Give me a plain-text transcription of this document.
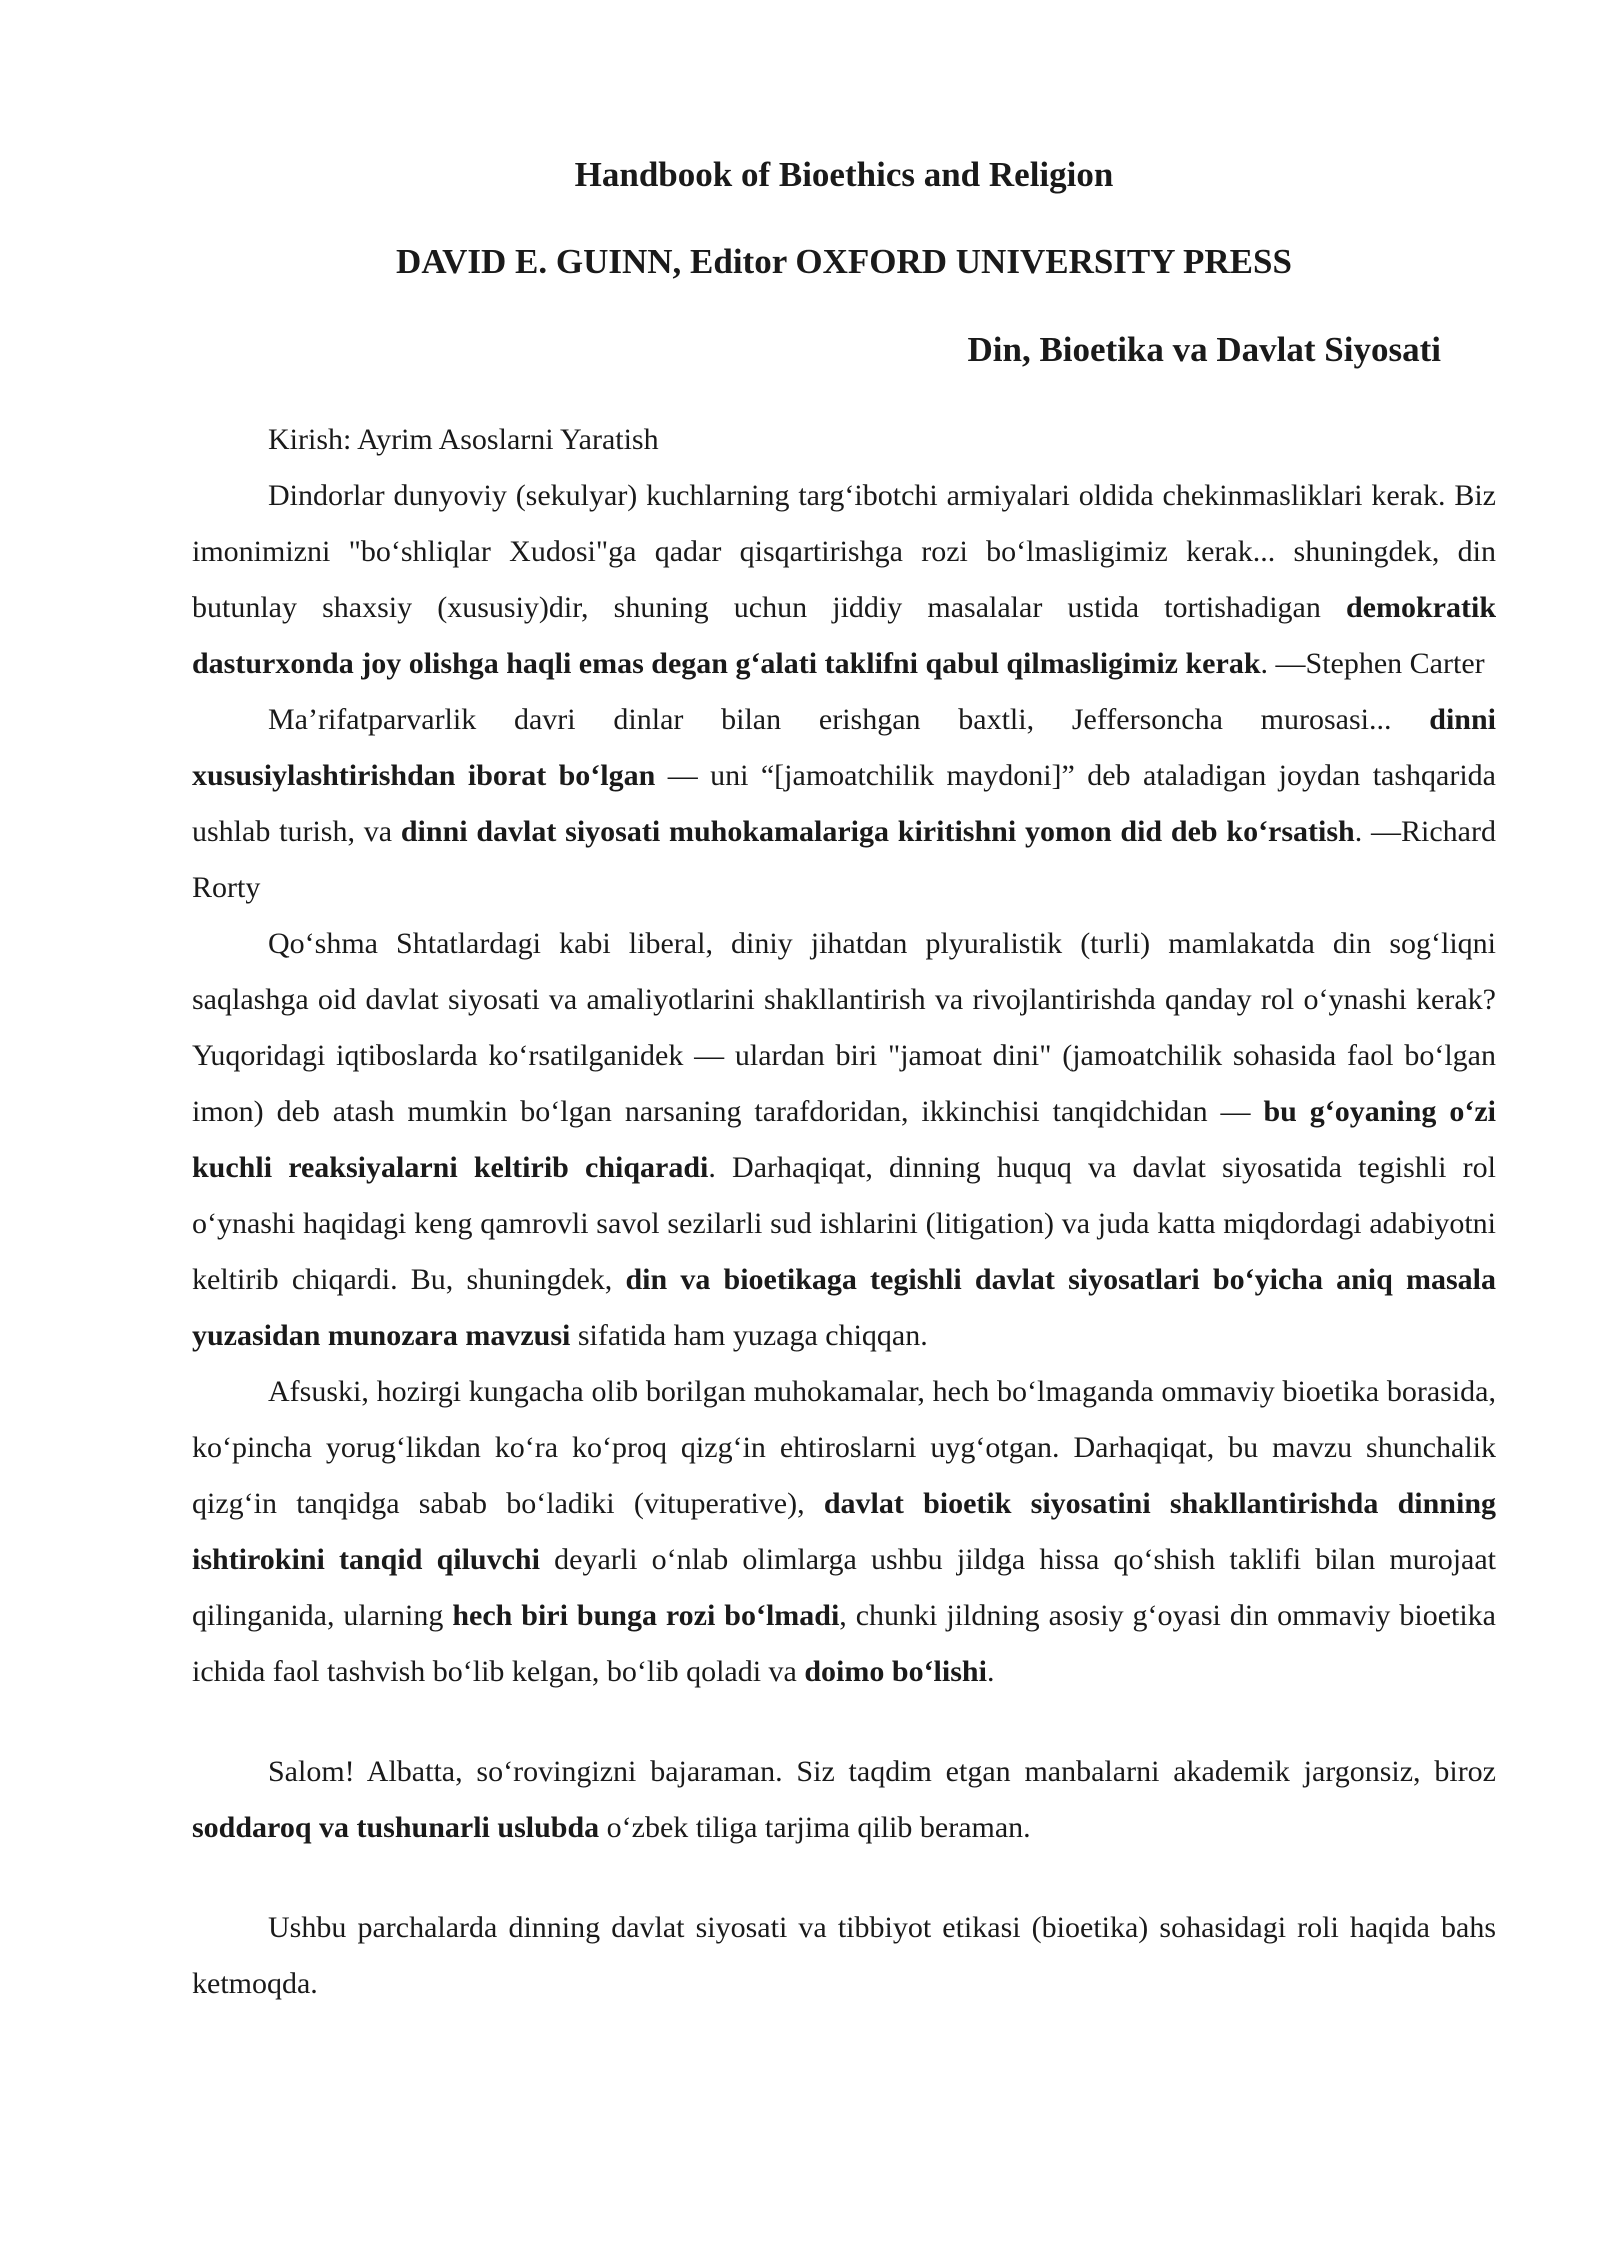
Handbook of Bioethics and Religion
DAVID E. GUINN, Editor OXFORD UNIVERSITY PRESS
Din, Bioetika va Davlat Siyosati

Kirish: Ayrim Asoslarni Yaratish

Dindorlar dunyoviy (sekulyar) kuchlarning targ‘ibotchi armiyalari oldida chekinmasliklari kerak. Biz imonimizni "bo‘shliqlar Xudosi"ga qadar qisqartirishga rozi bo‘lmasligimiz kerak... shuningdek, din butunlay shaxsiy (xususiy)dir, shuning uchun jiddiy masalalar ustida tortishadigan demokratik dasturxonda joy olishga haqli emas degan g‘alati taklifni qabul qilmasligimiz kerak. —Stephen Carter

Ma’rifatparvarlik davri dinlar bilan erishgan baxtli, Jeffersoncha murosasi... dinni xususiylashtirishdan iborat bo‘lgan — uni “[jamoatchilik maydoni]” deb ataladigan joydan tashqarida ushlab turish, va dinni davlat siyosati muhokamalariga kiritishni yomon did deb ko‘rsatish. —Richard Rorty

Qo‘shma Shtatlardagi kabi liberal, diniy jihatdan plyuralistik (turli) mamlakatda din sog‘liqni saqlashga oid davlat siyosati va amaliyotlarini shakllantirish va rivojlantirishda qanday rol o‘ynashi kerak? Yuqoridagi iqtiboslarda ko‘rsatilganidek — ulardan biri "jamoat dini" (jamoatchilik sohasida faol bo‘lgan imon) deb atash mumkin bo‘lgan narsaning tarafdoridan, ikkinchisi tanqidchidan — bu g‘oyaning o‘zi kuchli reaksiyalarni keltirib chiqaradi. Darhaqiqat, dinning huquq va davlat siyosatida tegishli rol o‘ynashi haqidagi keng qamrovli savol sezilarli sud ishlarini (litigation) va juda katta miqdordagi adabiyotni keltirib chiqardi. Bu, shuningdek, din va bioetikaga tegishli davlat siyosatlari bo‘yicha aniq masala yuzasidan munozara mavzusi sifatida ham yuzaga chiqqan.

Afsuski, hozirgi kungacha olib borilgan muhokamalar, hech bo‘lmaganda ommaviy bioetika borasida, ko‘pincha yorug‘likdan ko‘ra ko‘proq qizg‘in ehtiroslarni uyg‘otgan. Darhaqiqat, bu mavzu shunchalik qizg‘in tanqidga sabab bo‘ladiki (vituperative), davlat bioetik siyosatini shakllantirishda dinning ishtirokini tanqid qiluvchi deyarli o‘nlab olimlarga ushbu jildga hissa qo‘shish taklifi bilan murojaat qilinganida, ularning hech biri bunga rozi bo‘lmadi, chunki jildning asosiy g‘oyasi din ommaviy bioetika ichida faol tashvish bo‘lib kelgan, bo‘lib qoladi va doimo bo‘lishi.

Salom! Albatta, so‘rovingizni bajaraman. Siz taqdim etgan manbalarni akademik jargonsiz, biroz soddaroq va tushunarli uslubda o‘zbek tiliga tarjima qilib beraman.

Ushbu parchalarda dinning davlat siyosati va tibbiyot etikasi (bioetika) sohasidagi roli haqida bahs ketmoqda.
